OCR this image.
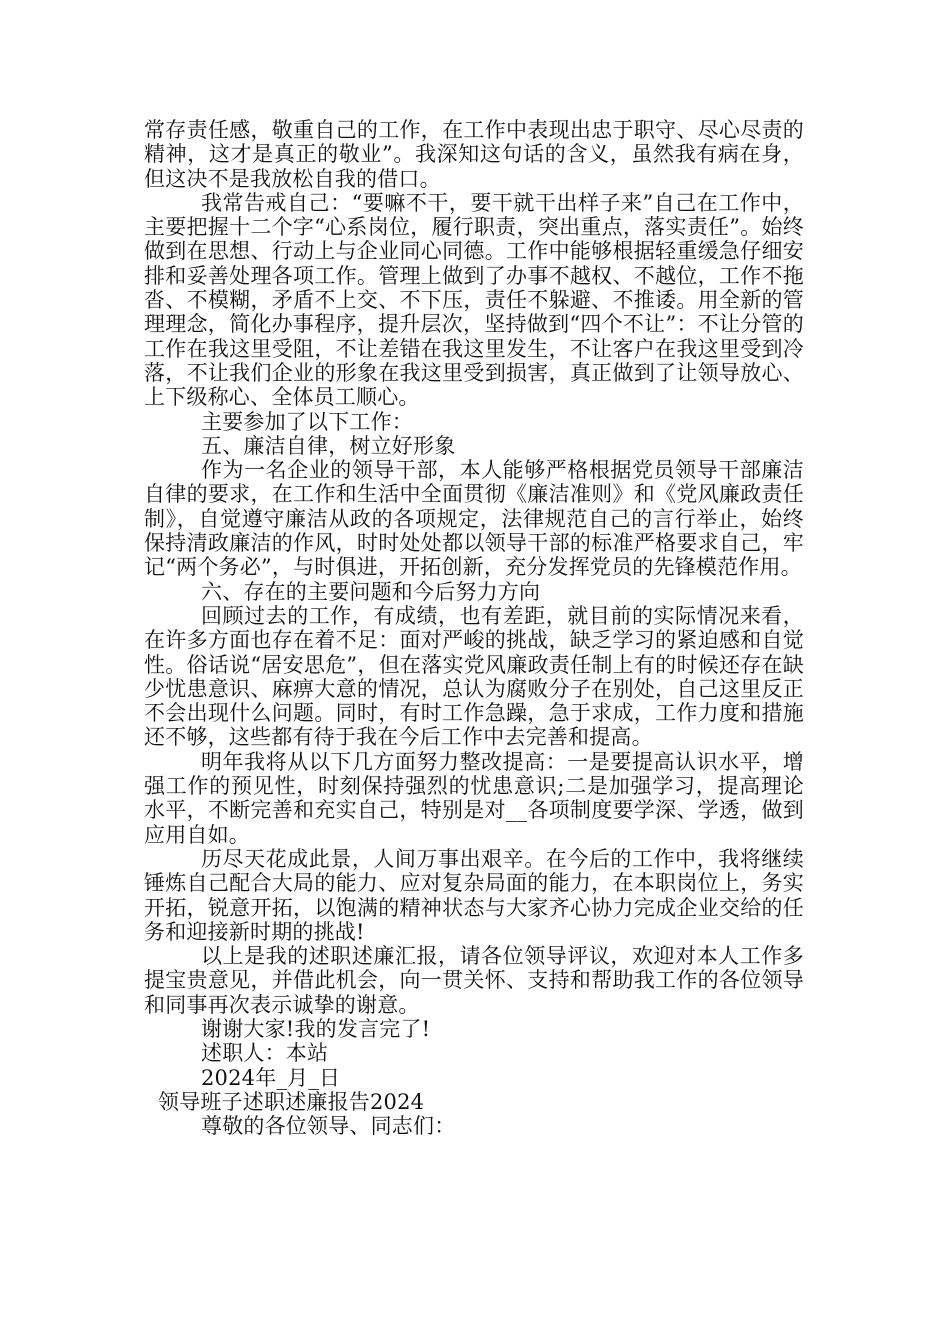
常存责任感，敬重自己的工作，在工作中表现出忠于职守、尽心尽责的精神，这才是真正的敬业”。我深知这句话的含义，虽然我有病在身，但这决不是我放松自我的借口。

我常告戒自己：“要嘛不干，要干就干出样子来”自己在工作中，主要把握十二个字“心系岗位，履行职责，突出重点，落实责任”。始终做到在思想、行动上与企业同心同德。工作中能够根据轻重缓急仔细安排和妥善处理各项工作。管理上做到了办事不越权、不越位，工作不拖沓、不模糊，矛盾不上交、不下压，责任不躲避、不推诿。用全新的管理理念，简化办事程序，提升层次，坚持做到“四个不让”：不让分管的工作在我这里受阻，不让差错在我这里发生，不让客户在我这里受到冷落，不让我们企业的形象在我这里受到损害，真正做到了让领导放心、上下级称心、全体员工顺心。

主要参加了以下工作：

五、廉洁自律，树立好形象

作为一名企业的领导干部，本人能够严格根据党员领导干部廉洁自律的要求，在工作和生活中全面贯彻《廉洁准则》和《党风廉政责任制》，自觉遵守廉洁从政的各项规定，法律规范自己的言行举止，始终保持清政廉洁的作风，时时处处都以领导干部的标准严格要求自己，牢记“两个务必”，与时俱进，开拓创新，充分发挥党员的先锋模范作用。

六、存在的主要问题和今后努力方向

回顾过去的工作，有成绩，也有差距，就目前的实际情况来看，在许多方面也存在着不足：面对严峻的挑战，缺乏学习的紧迫感和自觉性。俗话说“居安思危”，但在落实党风廉政责任制上有的时候还存在缺少忧患意识、麻痹大意的情况，总认为腐败分子在别处，自己这里反正不会出现什么问题。同时，有时工作急躁，急于求成，工作力度和措施还不够，这些都有待于我在今后工作中去完善和提高。

明年我将从以下几方面努力整改提高：一是要提高认识水平，增强工作的预见性，时刻保持强烈的忧患意识;二是加强学习，提高理论水平，不断完善和充实自己，特别是对__各项制度要学深、学透，做到应用自如。

历尽天花成此景，人间万事出艰辛。在今后的工作中，我将继续锤炼自己配合大局的能力、应对复杂局面的能力，在本职岗位上，务实开拓，锐意开拓，以饱满的精神状态与大家齐心协力完成企业交给的任务和迎接新时期的挑战!

以上是我的述职述廉汇报，请各位领导评议，欢迎对本人工作多提宝贵意见，并借此机会，向一贯关怀、支持和帮助我工作的各位领导和同事再次表示诚挚的谢意。

谢谢大家!我的发言完了!

述职人：本站

2024年_月_日

领导班子述职述廉报告2024

尊敬的各位领导、同志们：
